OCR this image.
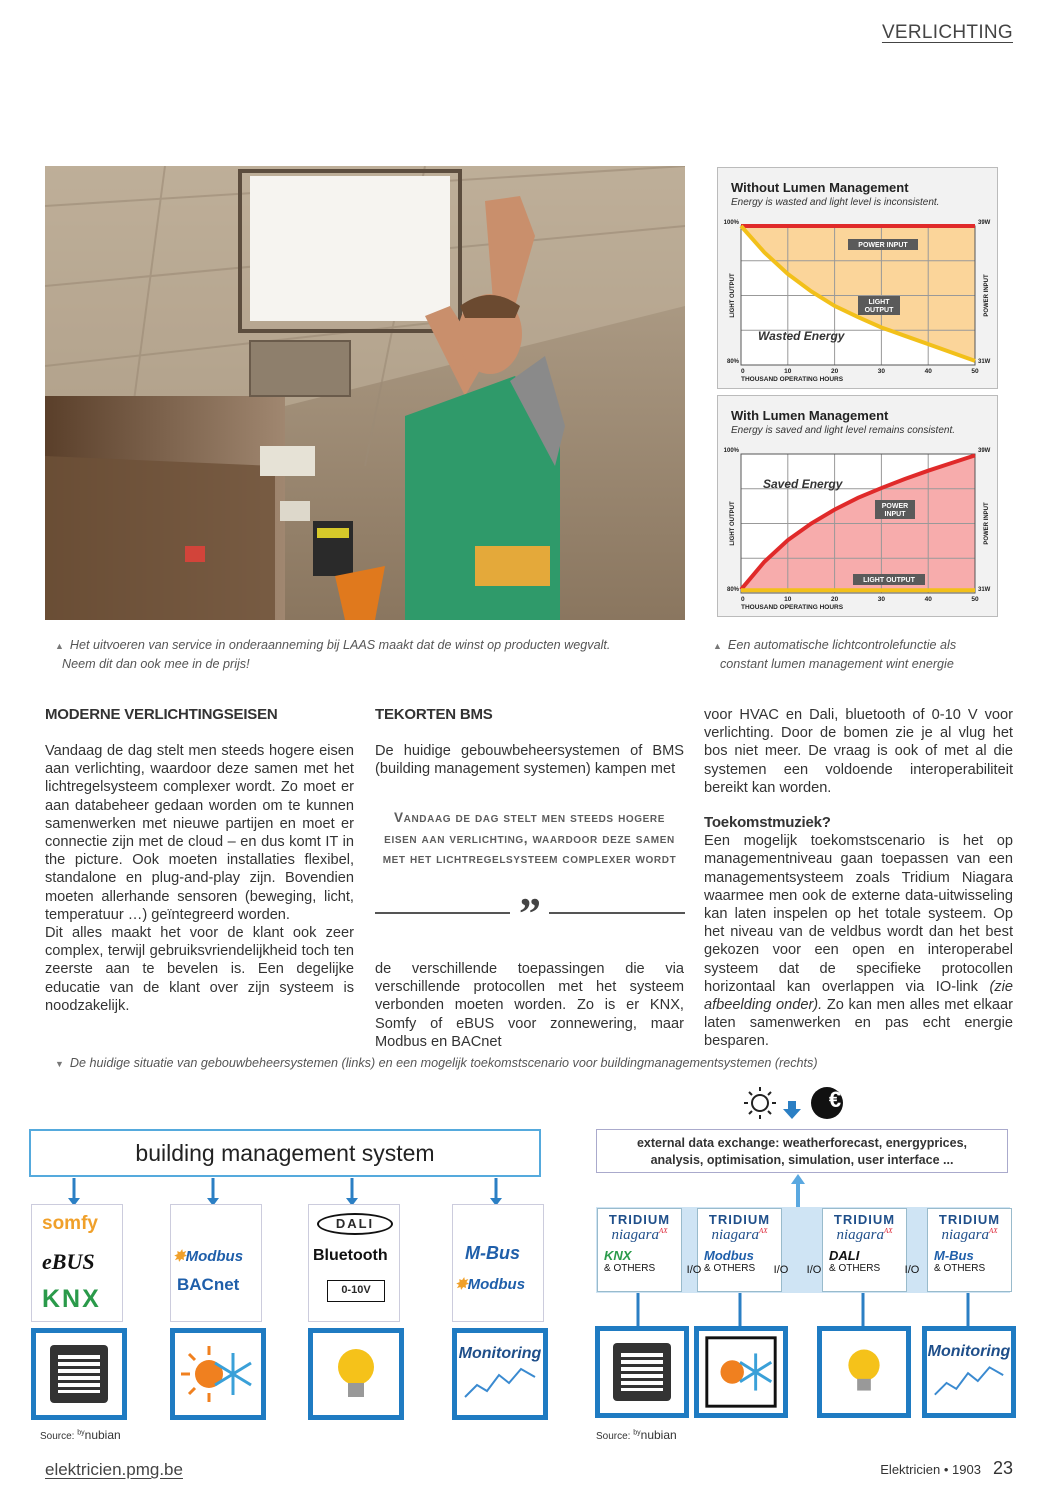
VERLICHTING
▲ Het uitvoeren van service in onderaanneming bij LAAS maakt dat de winst op producten wegvalt.
Neem dit dan ook mee in de prijs!
Without Lumen Management
Energy is wasted and light level is inconsistent.
100%
80%
39W
31W
0	10	20	30	40	50
THOUSAND OPERATING HOURS
LIGHT OUTPUT	POWER INPUT
Wasted Energy
POWER INPUT
LIGHT
OUTPUT
With Lumen Management
Energy is saved and light level remains consistent.
100%
80%
39W
31W
0	10	20	30	40	50
THOUSAND OPERATING HOURS
LIGHT OUTPUT	POWER INPUT
Saved Energy
POWER
INPUT
LIGHT OUTPUT
▲ Een automatische lichtcontrolefunctie als
constant lumen management wint energie
MODERNE VERLICHTINGSEISEN

Vandaag de dag stelt men steeds hogere eisen aan verlichting, waardoor deze samen met het lichtregelsysteem complexer wordt. Zo moet er aan databeheer gedaan worden om te kunnen samenwerken met nieuwe partijen en moet er connectie zijn met de cloud – en dus komt IT in the picture. Ook moeten installaties flexibel, standalone en plug-and-play zijn. Bovendien moeten allerhande sensoren (beweging, licht, temperatuur …) geïntegreerd worden.

Dit alles maakt het voor de klant ook zeer complex, terwijl gebruiksvriendelijkheid toch ten zeerste aan te bevelen is. Een degelijke educatie van de klant over zijn systeem is noodzakelijk.

TEKORTEN BMS

De huidige gebouwbeheersystemen of BMS (building management systemen) kampen met

Vandaag de dag stelt men steeds hogere eisen aan verlichting, waardoor deze samen met het lichtregelsysteem complexer wordt
”

de verschillende toepassingen die via verschillende protocollen met het systeem verbonden moeten worden. Zo is er KNX, Somfy of eBUS voor zonnewering, maar Modbus en BACnet

voor HVAC en Dali, bluetooth of 0-10 V voor verlichting. Door de bomen zie je al vlug het bos niet meer. De vraag is ook of met al die systemen een voldoende interoperabiliteit bereikt kan worden.

Toekomstmuziek?

Een mogelijk toekomstscenario is het op managementniveau gaan toepassen van een managementsysteem zoals Tridium Niagara waarmee men ook de externe data-uitwisseling kan laten inspelen op het totale systeem. Op het niveau van de veldbus wordt dan het best gekozen voor een open en interoperabel systeem dat de specifieke protocollen horizontaal kan overlappen via IO-link (zie afbeelding onder). Zo kan men alles met elkaar laten samenwerken en pas echt energie besparen.

▼ De huidige situatie van gebouwbeheersystemen (links) en een mogelijk toekomstscenario voor buildingmanagementsystemen (rechts)
building management system
somfy
eBUS
KNX
✸Modbus
BACnet
DALI
Bluetooth
0-10V
M-Bus
✸Modbus
Monitoring
Source: $^{by}$nubian
€
external data exchange: weatherforecast, energyprices,
analysis, optimisation, simulation, user interface ...
Monitoring
Source: $^{by}$nubian
TRIDIUM
niagara$^{AX}$
KNX
& OTHERS
TRIDIUM
niagara$^{AX}$
Modbus
& OTHERS
TRIDIUM
niagara$^{AX}$
DALI
& OTHERS
TRIDIUM
niagara$^{AX}$
M-Bus
& OTHERS
I/O	I/O	I/O	I/O
elektricien.pmg.be	Elektricien • 1903 23
